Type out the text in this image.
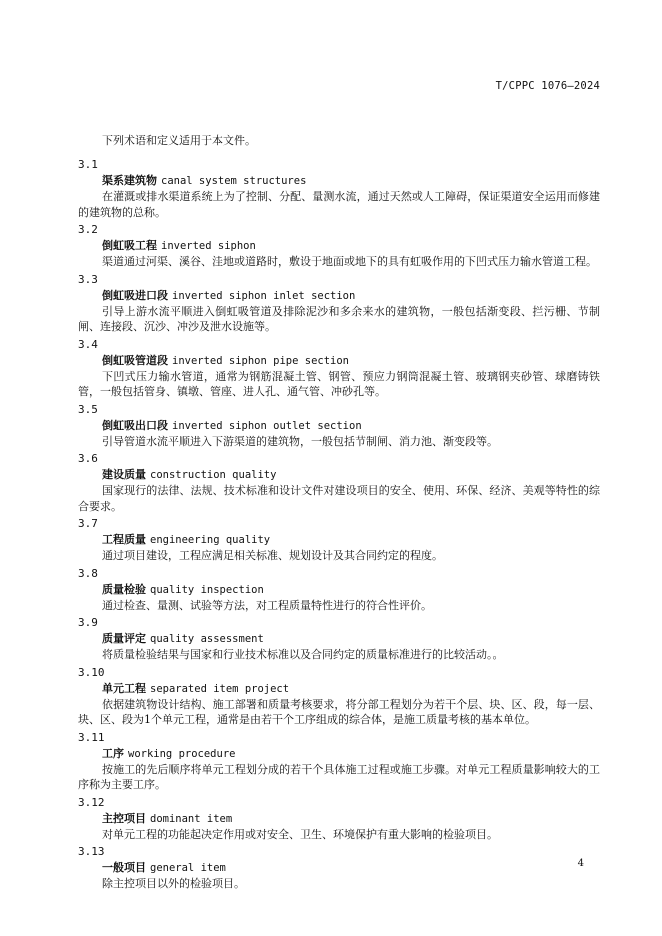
T/CPPC 1076—2024

下列术语和定义适用于本文件。

3.1

渠系建筑物 canal system structures

在灌溉或排水渠道系统上为了控制、分配、量测水流，通过天然或人工障碍，保证渠道安全运用而修建的建筑物的总称。

3.2

倒虹吸工程 inverted siphon

渠道通过河渠、溪谷、洼地或道路时，敷设于地面或地下的具有虹吸作用的下凹式压力输水管道工程。

3.3

倒虹吸进口段 inverted siphon inlet section

引导上游水流平顺进入倒虹吸管道及排除泥沙和多余来水的建筑物，一般包括渐变段、拦污栅、节制闸、连接段、沉沙、冲沙及泄水设施等。

3.4

倒虹吸管道段 inverted siphon pipe section

下凹式压力输水管道，通常为钢筋混凝土管、钢管、预应力钢筒混凝土管、玻璃钢夹砂管、球磨铸铁管，一般包括管身、镇墩、管座、进人孔、通气管、冲砂孔等。

3.5

倒虹吸出口段 inverted siphon outlet section

引导管道水流平顺进入下游渠道的建筑物，一般包括节制闸、消力池、渐变段等。

3.6

建设质量 construction quality

国家现行的法律、法规、技术标准和设计文件对建设项目的安全、使用、环保、经济、美观等特性的综合要求。

3.7

工程质量 engineering quality

通过项目建设，工程应满足相关标准、规划设计及其合同约定的程度。

3.8

质量检验 quality inspection

通过检查、量测、试验等方法，对工程质量特性进行的符合性评价。

3.9

质量评定 quality assessment

将质量检验结果与国家和行业技术标准以及合同约定的质量标准进行的比较活动。。

3.10

单元工程 separated item project

依据建筑物设计结构、施工部署和质量考核要求，将分部工程划分为若干个层、块、区、段，每一层、块、区、段为1个单元工程，通常是由若干个工序组成的综合体，是施工质量考核的基本单位。

3.11

工序 working procedure

按施工的先后顺序将单元工程划分成的若干个具体施工过程或施工步骤。对单元工程质量影响较大的工序称为主要工序。

3.12

主控项目 dominant item

对单元工程的功能起决定作用或对安全、卫生、环境保护有重大影响的检验项目。

3.13

一般项目 general item

除主控项目以外的检验项目。

4
